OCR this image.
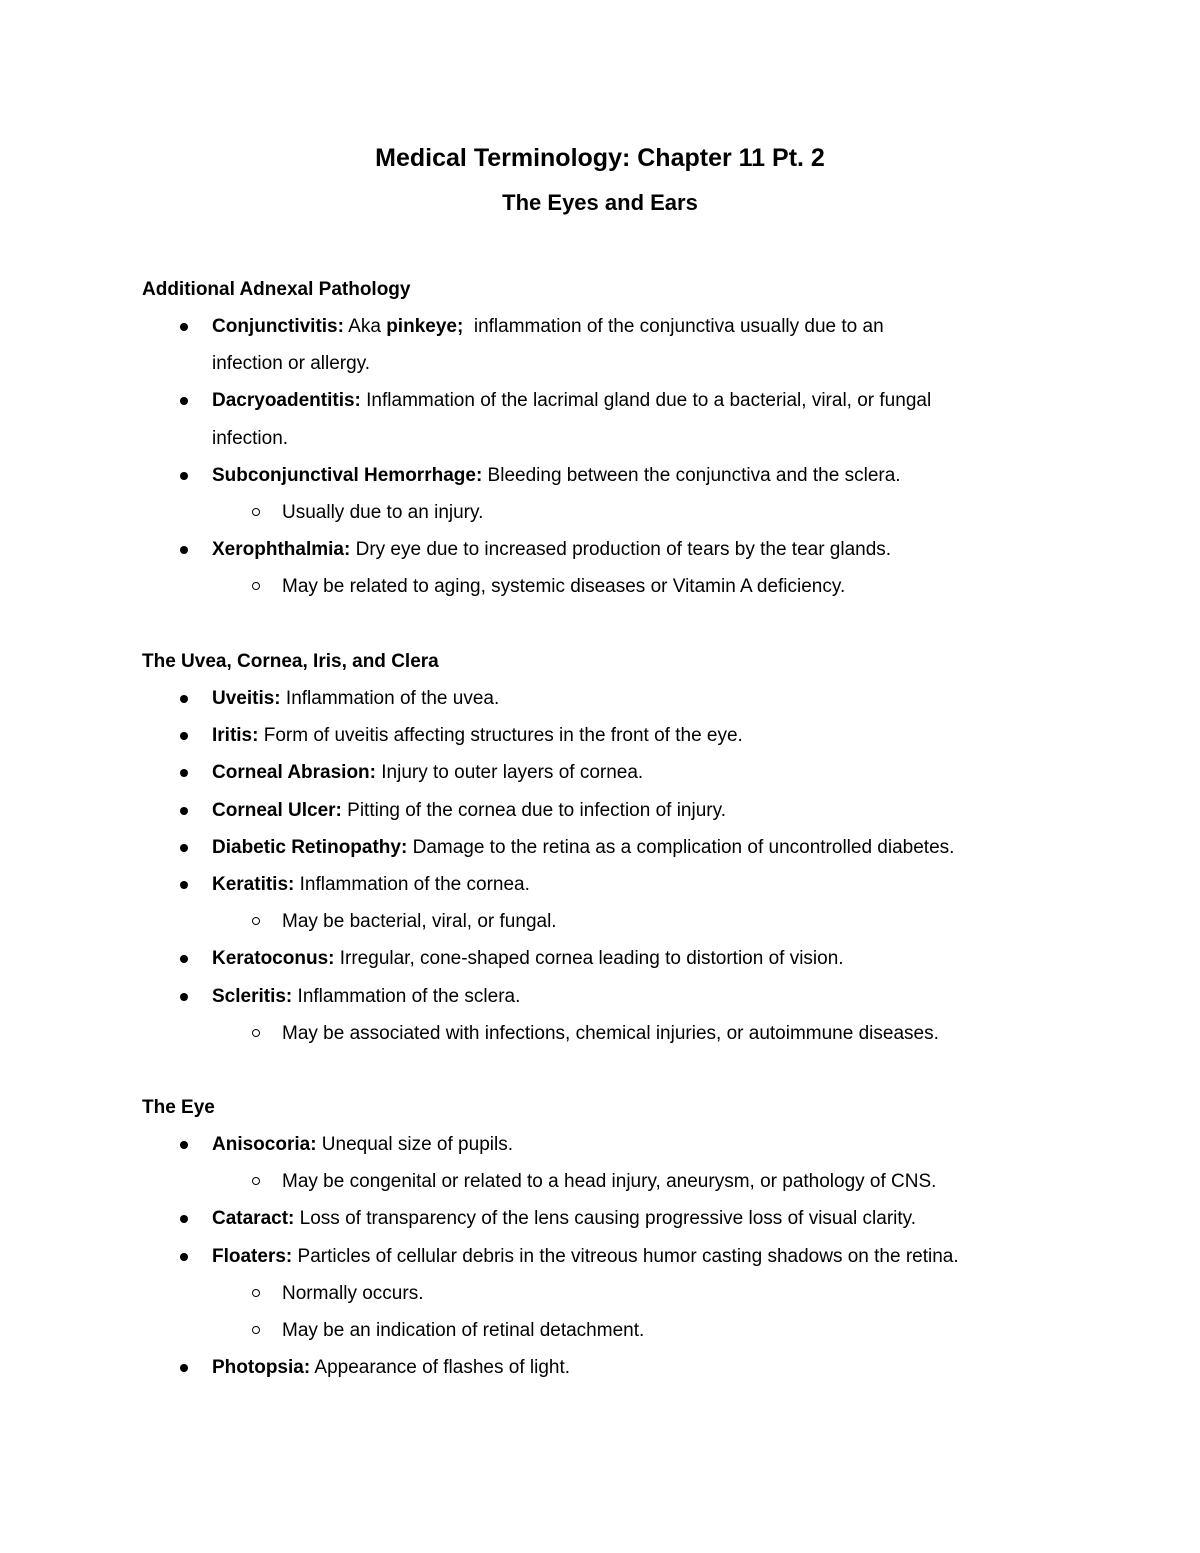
Medical Terminology: Chapter 11 Pt. 2
The Eyes and Ears
Additional Adnexal Pathology
Conjunctivitis: Aka pinkeye;  inflammation of the conjunctiva usually due to an
infection or allergy.
Dacryoadentitis: Inflammation of the lacrimal gland due to a bacterial, viral, or fungal
infection.
Subconjunctival Hemorrhage: Bleeding between the conjunctiva and the sclera.
Usually due to an injury.
Xerophthalmia: Dry eye due to increased production of tears by the tear glands.
May be related to aging, systemic diseases or Vitamin A deficiency.
The Uvea, Cornea, Iris, and Clera
Uveitis: Inflammation of the uvea.
Iritis: Form of uveitis affecting structures in the front of the eye.
Corneal Abrasion: Injury to outer layers of cornea.
Corneal Ulcer: Pitting of the cornea due to infection of injury.
Diabetic Retinopathy: Damage to the retina as a complication of uncontrolled diabetes.
Keratitis: Inflammation of the cornea.
May be bacterial, viral, or fungal.
Keratoconus: Irregular, cone-shaped cornea leading to distortion of vision.
Scleritis: Inflammation of the sclera.
May be associated with infections, chemical injuries, or autoimmune diseases.
The Eye
Anisocoria: Unequal size of pupils.
May be congenital or related to a head injury, aneurysm, or pathology of CNS.
Cataract: Loss of transparency of the lens causing progressive loss of visual clarity.
Floaters: Particles of cellular debris in the vitreous humor casting shadows on the retina.
Normally occurs.
May be an indication of retinal detachment.
Photopsia: Appearance of flashes of light.
